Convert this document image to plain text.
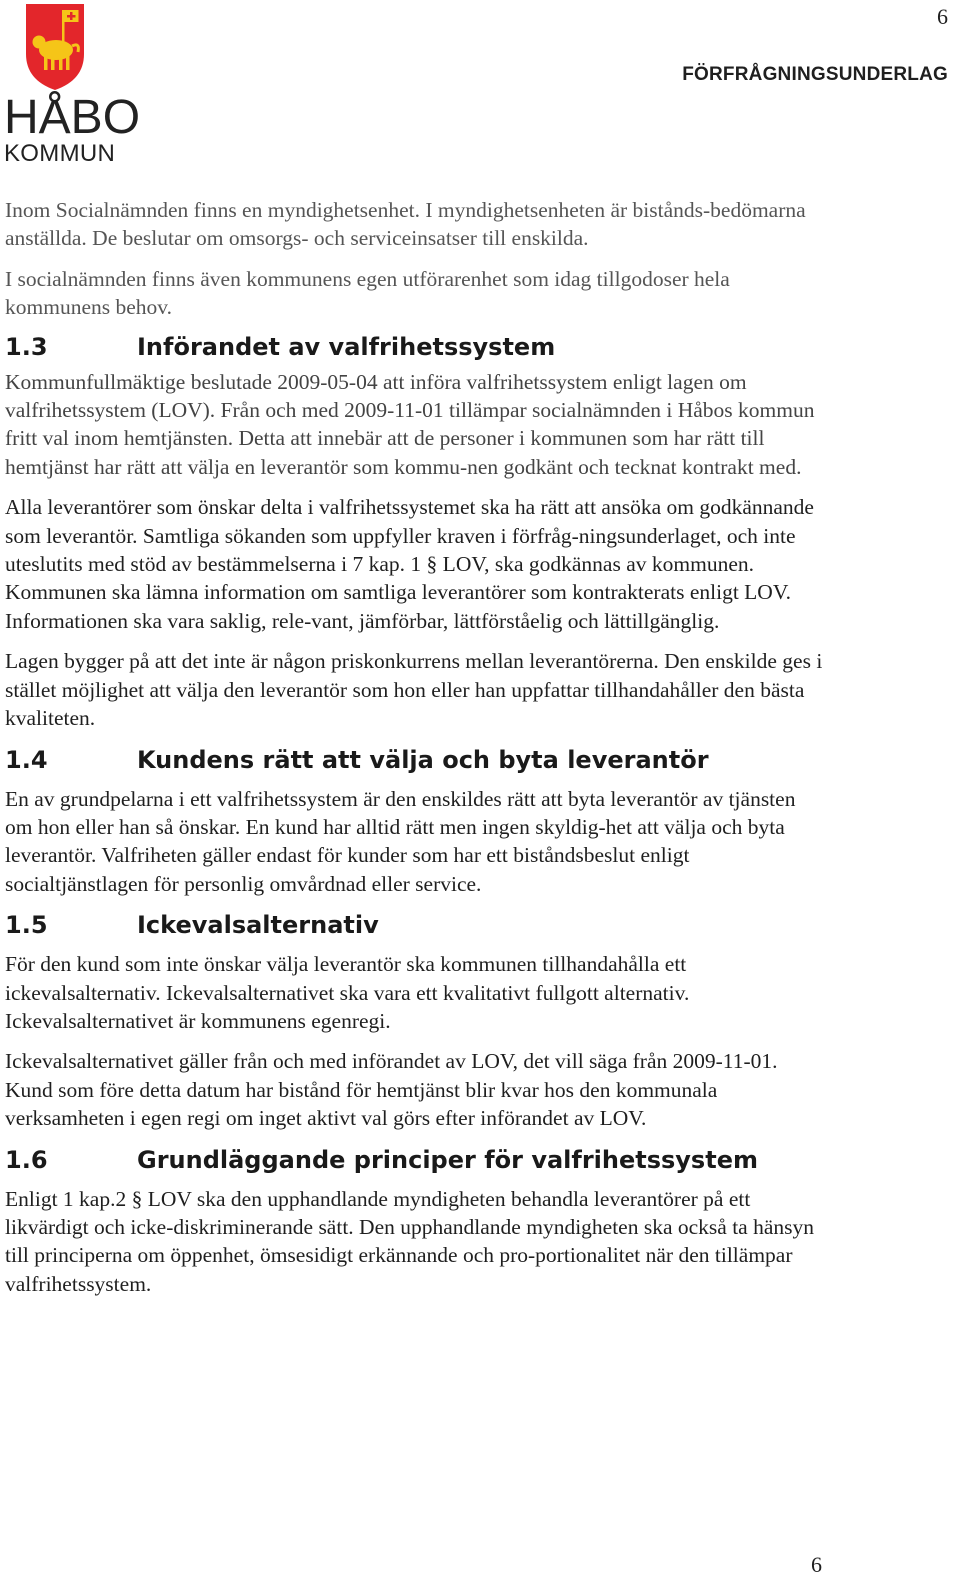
6
FÖRFRÅGNINGSUNDERLAG
HÅBO
KOMMUN

Inom Socialnämnden finns en myndighetsenhet. I myndighetsenheten är bistånds-bedömarna anställda. De beslutar om omsorgs- och serviceinsatser till enskilda.

I socialnämnden finns även kommunens egen utförarenhet som idag tillgodoser hela kommunens behov.

1.3	Införandet av valfrihetssystem

Kommunfullmäktige beslutade 2009-05-04 att införa valfrihetssystem enligt lagen om valfrihetssystem (LOV). Från och med 2009-11-01 tillämpar socialnämnden i Håbos kommun fritt val inom hemtjänsten. Detta att innebär att de personer i kommunen som har rätt till hemtjänst har rätt att välja en leverantör som kommu-nen godkänt och tecknat kontrakt med.

Alla leverantörer som önskar delta i valfrihetssystemet ska ha rätt att ansöka om godkännande som leverantör. Samtliga sökanden som uppfyller kraven i förfråg-ningsunderlaget, och inte uteslutits med stöd av bestämmelserna i 7 kap. 1 § LOV, ska godkännas av kommunen. Kommunen ska lämna information om samtliga leverantörer som kontrakterats enligt LOV. Informationen ska vara saklig, rele-vant, jämförbar, lättförståelig och lättillgänglig.

Lagen bygger på att det inte är någon priskonkurrens mellan leverantörerna. Den enskilde ges i stället möjlighet att välja den leverantör som hon eller han uppfattar tillhandahåller den bästa kvaliteten.

1.4	Kundens rätt att välja och byta leverantör

En av grundpelarna i ett valfrihetssystem är den enskildes rätt att byta leverantör av tjänsten om hon eller han så önskar. En kund har alltid rätt men ingen skyldig-het att välja och byta leverantör. Valfriheten gäller endast för kunder som har ett biståndsbeslut enligt socialtjänstlagen för personlig omvårdnad eller service.

1.5	Ickevalsalternativ

För den kund som inte önskar välja leverantör ska kommunen tillhandahålla ett ickevalsalternativ. Ickevalsalternativet ska vara ett kvalitativt fullgott alternativ. Ickevalsalternativet är kommunens egenregi.

Ickevalsalternativet gäller från och med införandet av LOV, det vill säga från 2009-11-01. Kund som före detta datum har bistånd för hemtjänst blir kvar hos den kommunala verksamheten i egen regi om inget aktivt val görs efter införandet av LOV.

1.6	Grundläggande principer för valfrihetssystem

Enligt 1 kap.2 § LOV ska den upphandlande myndigheten behandla leverantörer på ett likvärdigt och icke-diskriminerande sätt. Den upphandlande myndigheten ska också ta hänsyn till principerna om öppenhet, ömsesidigt erkännande och pro-portionalitet när den tillämpar valfrihetssystem.

6
